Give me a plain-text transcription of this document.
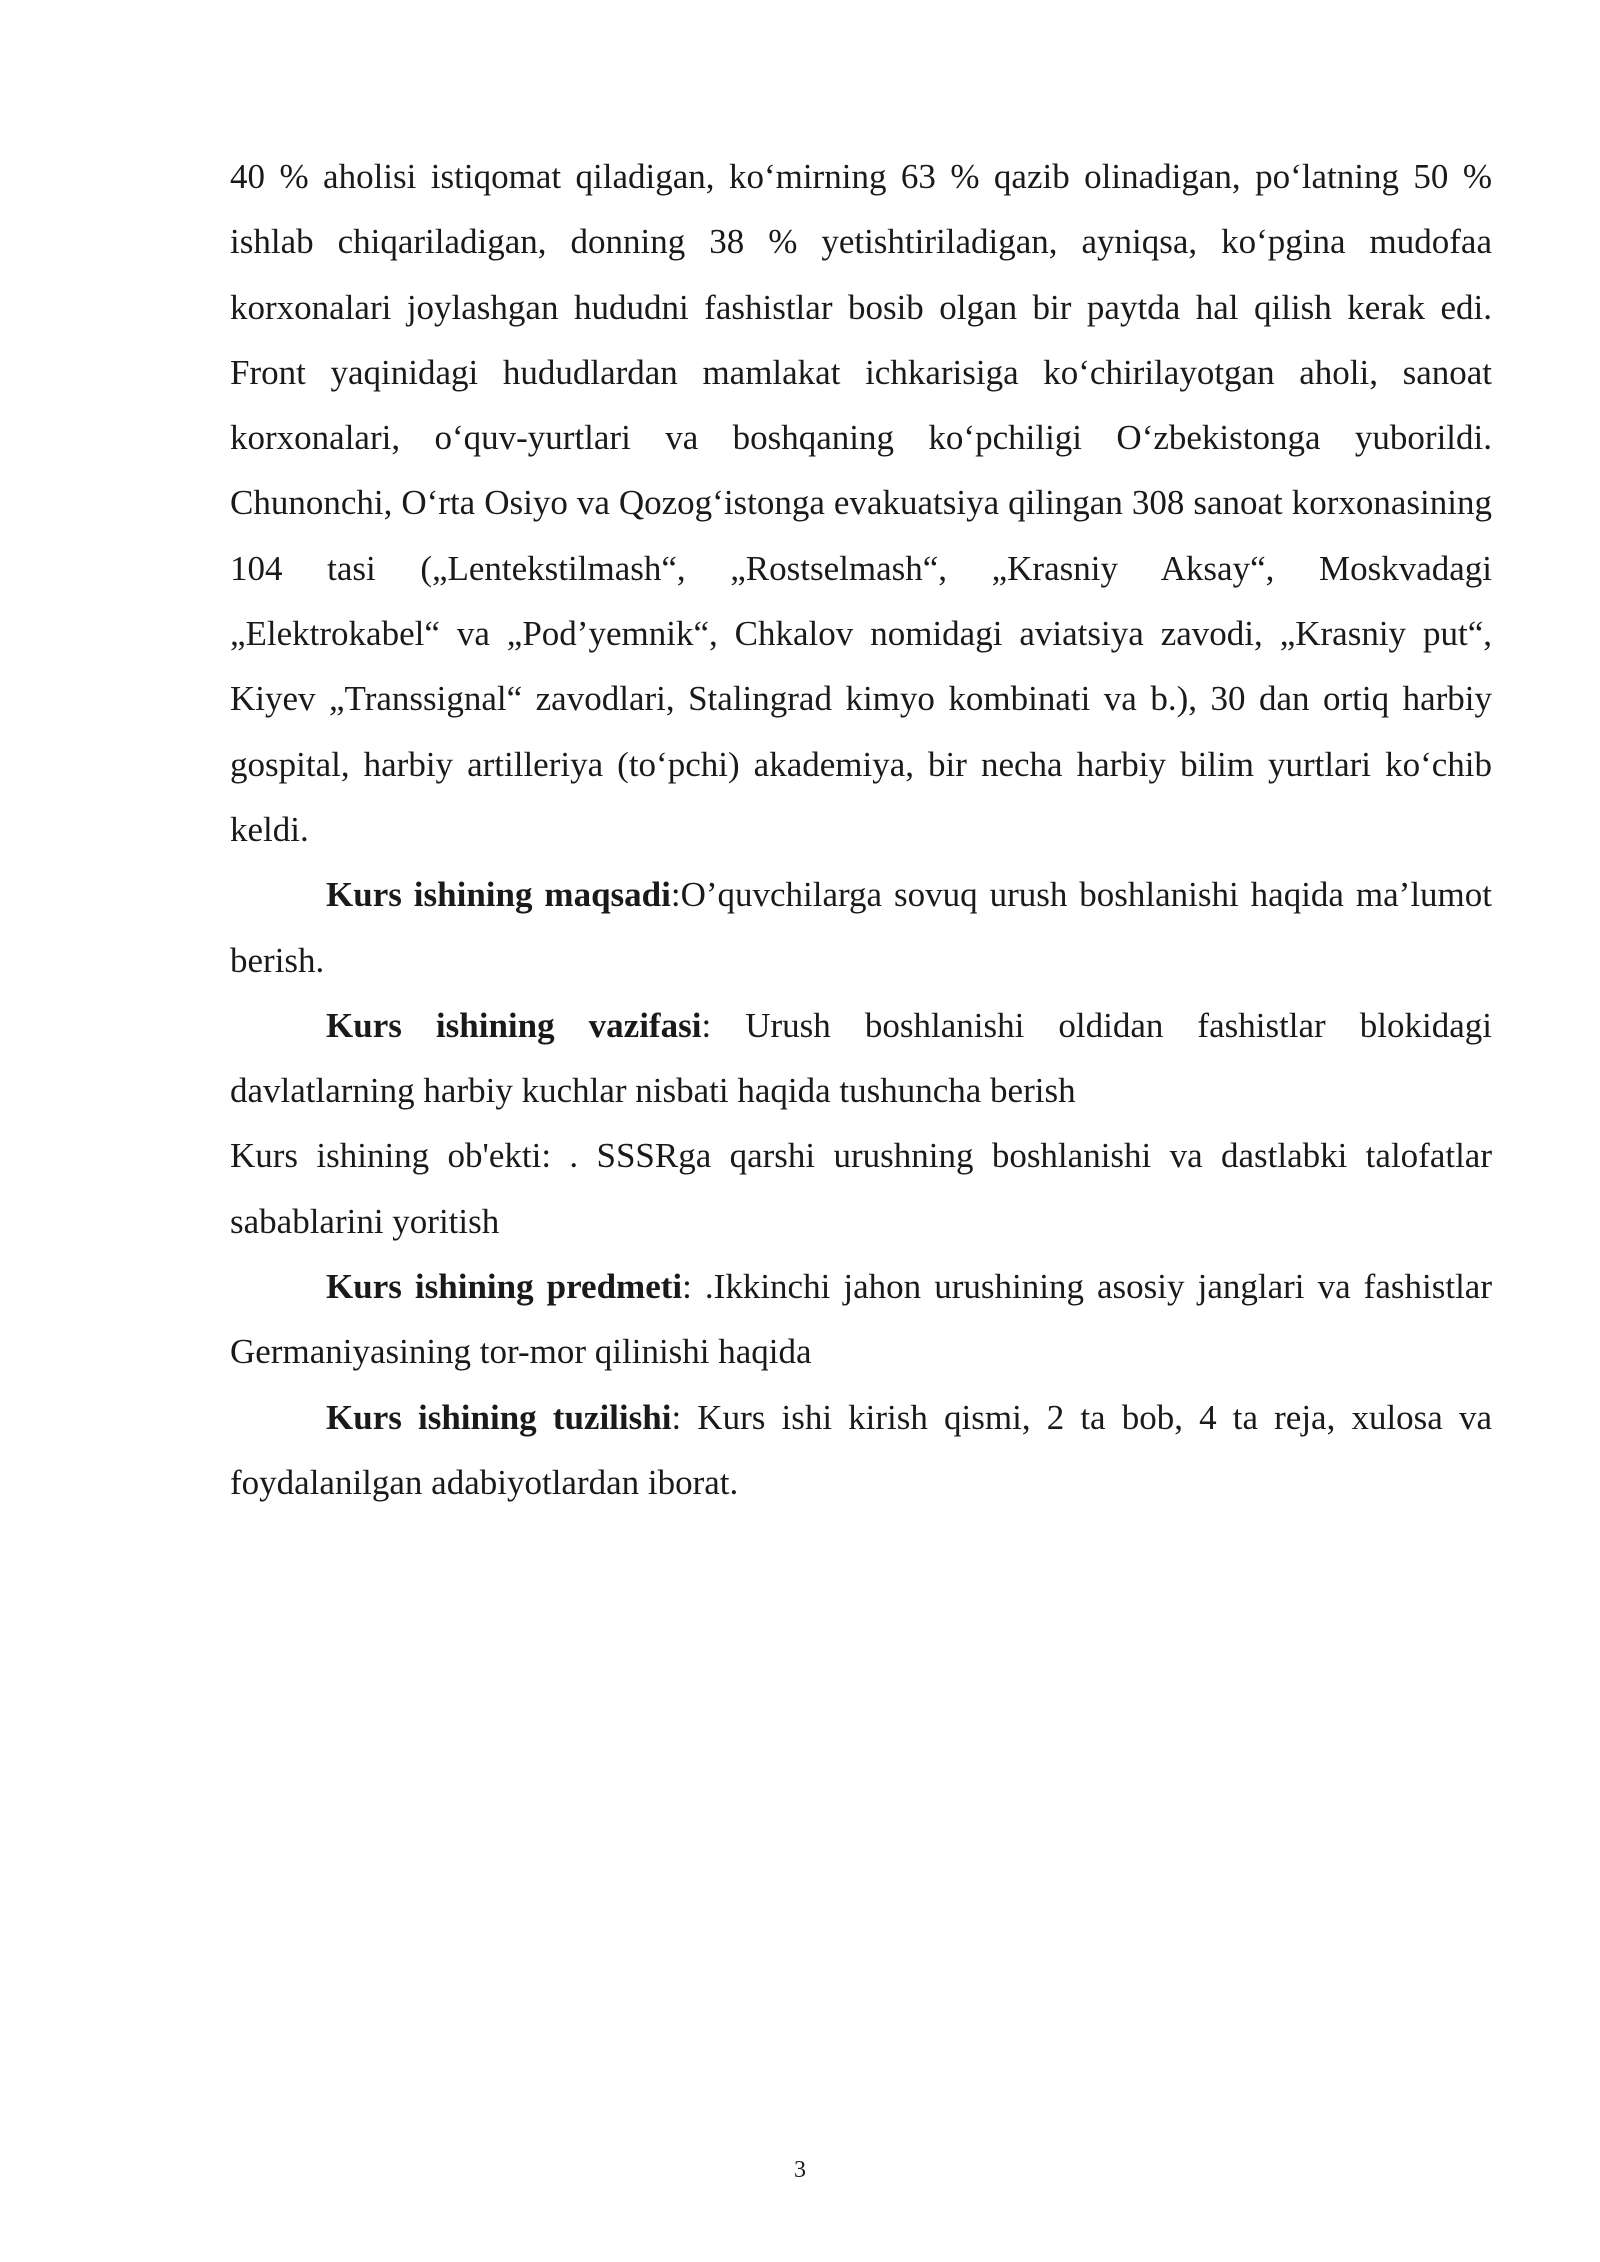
40 % aholisi istiqomat qiladigan, ko‘mirning 63 % qazib olinadigan, po‘latning 50 % ishlab chiqariladigan, donning 38 % yetishtiriladigan, ayniqsa, ko‘pgina mudofaa korxonalari joylashgan hududni fashistlar bosib olgan bir paytda hal qilish kerak edi. Front yaqinidagi hududlardan mamlakat ichkarisiga ko‘chirilayotgan aholi, sanoat korxonalari, o‘quv-yurtlari va boshqaning ko‘pchiligi O‘zbekistonga yuborildi. Chunonchi, O‘rta Osiyo va Qozog‘istonga evakuatsiya qilingan 308 sanoat korxonasining 104 tasi („Lentekstilmash“, „Rostselmash“, „Krasniy Aksay“, Moskvadagi „Elektrokabel“ va „Pod’yemnik“, Chkalov nomidagi aviatsiya zavodi, „Krasniy put“, Kiyev „Transsignal“ zavodlari, Stalingrad kimyo kombinati va b.), 30 dan ortiq harbiy gospital, harbiy artilleriya (to‘pchi) akademiya, bir necha harbiy bilim yurtlari ko‘chib keldi.

Kurs ishining maqsadi:O’quvchilarga sovuq urush boshlanishi haqida ma’lumot berish.

Kurs ishining vazifasi: Urush boshlanishi oldidan fashistlar blokidagi davlatlarning harbiy kuchlar nisbati haqida tushuncha berish

Kurs ishining ob'ekti: . SSSRga qarshi urushning boshlanishi va dastlabki talofatlar sabablarini yoritish

Kurs ishining predmeti: .Ikkinchi jahon urushining asosiy janglari va fashistlar Germaniyasining tor-mor qilinishi haqida

Kurs ishining tuzilishi: Kurs ishi kirish qismi, 2 ta bob, 4 ta reja, xulosa va foydalanilgan adabiyotlardan iborat.

3
